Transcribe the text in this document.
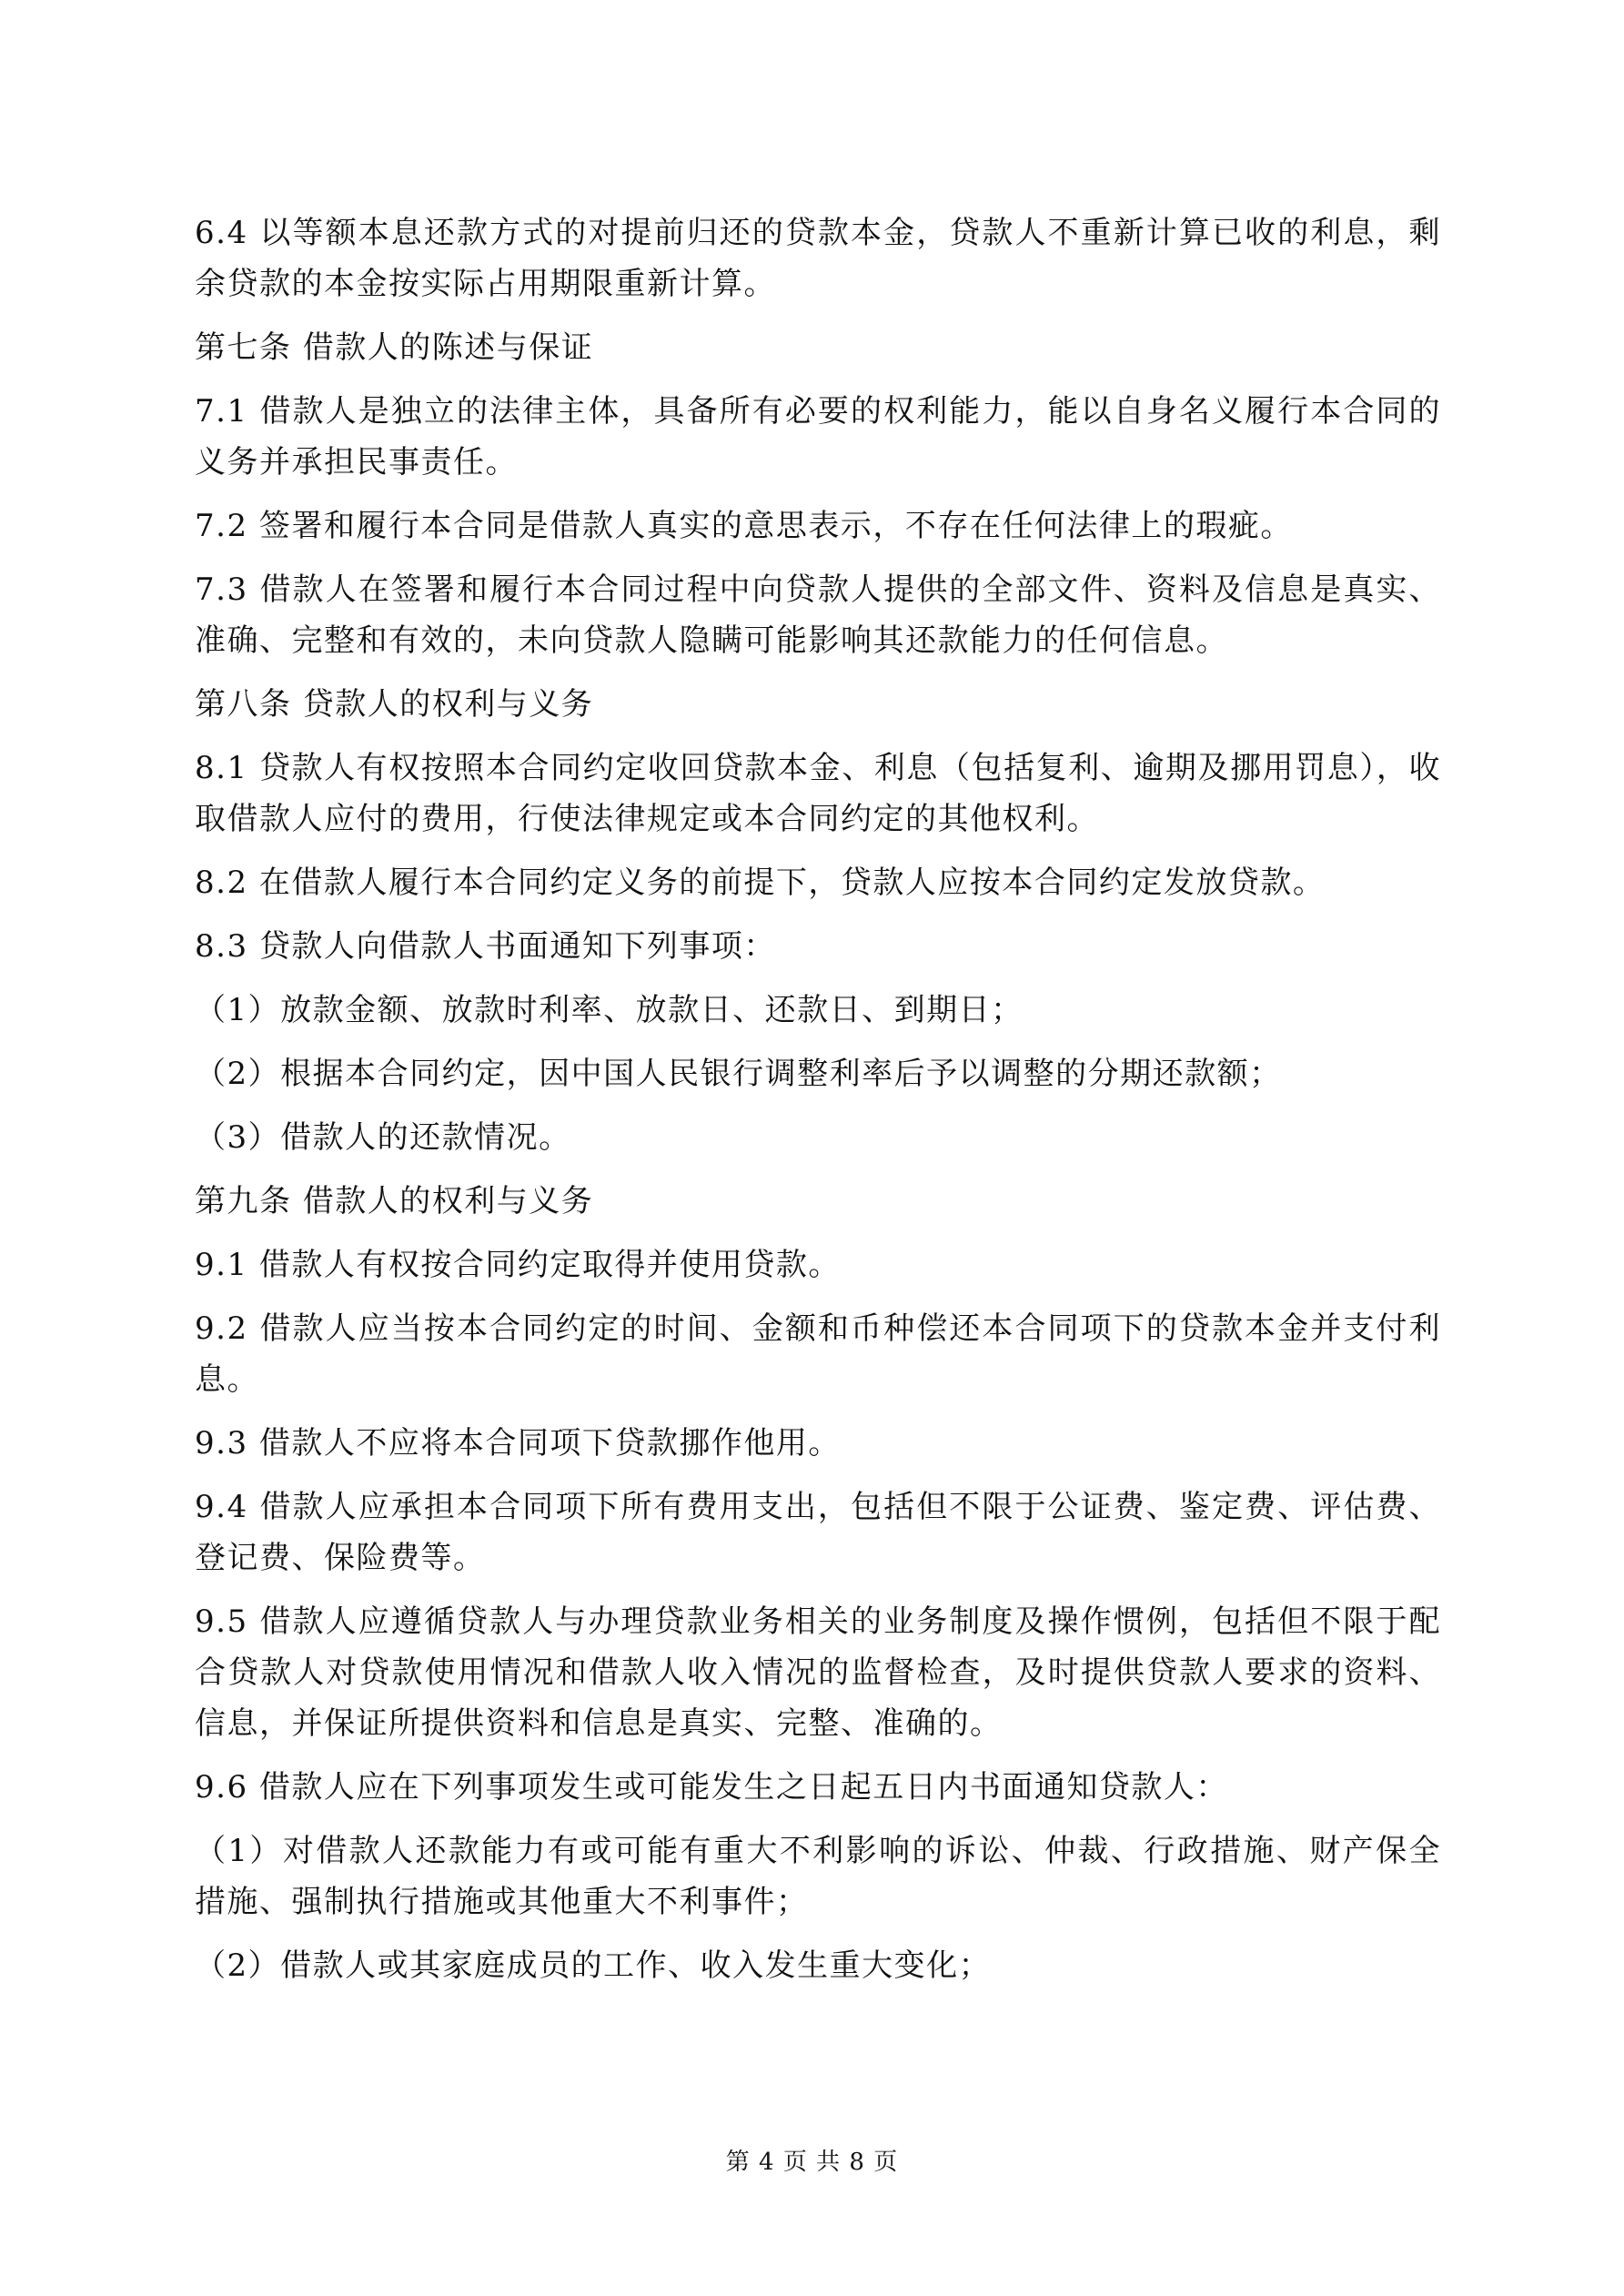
6.4 以等额本息还款方式的对提前归还的贷款本金，贷款人不重新计算已收的利息，剩余贷款的本金按实际占用期限重新计算。

第七条 借款人的陈述与保证

7.1 借款人是独立的法律主体，具备所有必要的权利能力，能以自身名义履行本合同的义务并承担民事责任。

7.2 签署和履行本合同是借款人真实的意思表示，不存在任何法律上的瑕疵。

7.3 借款人在签署和履行本合同过程中向贷款人提供的全部文件、资料及信息是真实、准确、完整和有效的，未向贷款人隐瞒可能影响其还款能力的任何信息。

第八条 贷款人的权利与义务

8.1 贷款人有权按照本合同约定收回贷款本金、利息（包括复利、逾期及挪用罚息），收取借款人应付的费用，行使法律规定或本合同约定的其他权利。

8.2 在借款人履行本合同约定义务的前提下，贷款人应按本合同约定发放贷款。

8.3 贷款人向借款人书面通知下列事项：

（1）放款金额、放款时利率、放款日、还款日、到期日；

（2）根据本合同约定，因中国人民银行调整利率后予以调整的分期还款额；

（3）借款人的还款情况。

第九条 借款人的权利与义务

9.1 借款人有权按合同约定取得并使用贷款。

9.2 借款人应当按本合同约定的时间、金额和币种偿还本合同项下的贷款本金并支付利息。

9.3 借款人不应将本合同项下贷款挪作他用。

9.4 借款人应承担本合同项下所有费用支出，包括但不限于公证费、鉴定费、评估费、登记费、保险费等。

9.5 借款人应遵循贷款人与办理贷款业务相关的业务制度及操作惯例，包括但不限于配合贷款人对贷款使用情况和借款人收入情况的监督检查，及时提供贷款人要求的资料、信息，并保证所提供资料和信息是真实、完整、准确的。

9.6 借款人应在下列事项发生或可能发生之日起五日内书面通知贷款人：

（1）对借款人还款能力有或可能有重大不利影响的诉讼、仲裁、行政措施、财产保全措施、强制执行措施或其他重大不利事件；

（2）借款人或其家庭成员的工作、收入发生重大变化；

第 4 页 共 8 页
